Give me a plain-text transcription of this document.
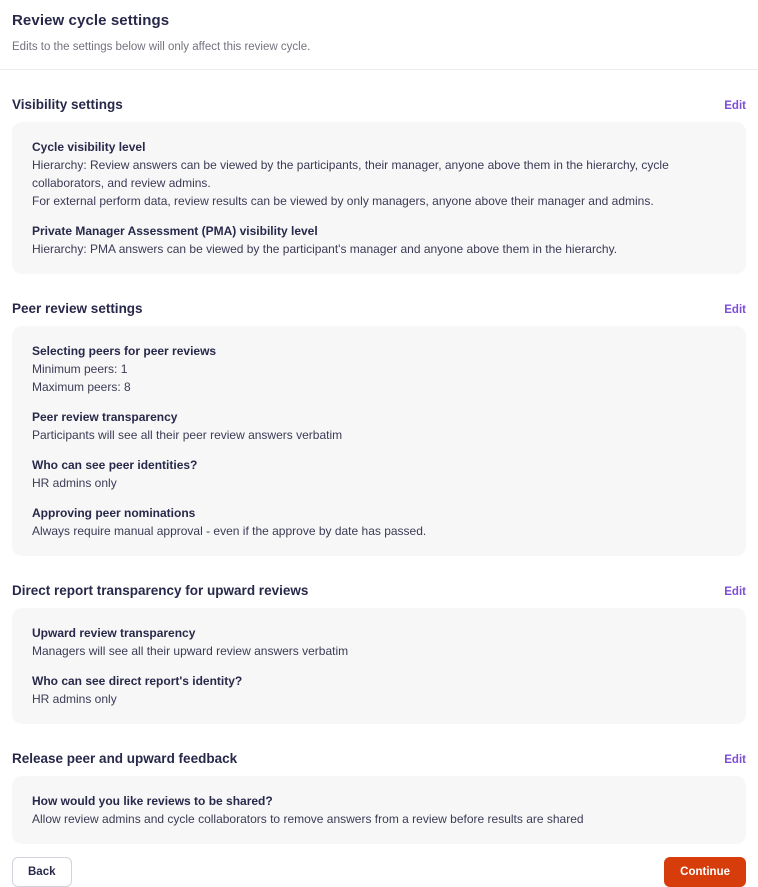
Review cycle settings
Edits to the settings below will only affect this review cycle.
Visibility settings	Edit
Cycle visibility level
Hierarchy: Review answers can be viewed by the participants, their manager, anyone above them in the hierarchy, cycle collaborators, and review admins.
For external perform data, review results can be viewed by only managers, anyone above their manager and admins.
Private Manager Assessment (PMA) visibility level
Hierarchy: PMA answers can be viewed by the participant's manager and anyone above them in the hierarchy.
Peer review settings	Edit
Selecting peers for peer reviews
Minimum peers: 1
Maximum peers: 8
Peer review transparency
Participants will see all their peer review answers verbatim
Who can see peer identities?
HR admins only
Approving peer nominations
Always require manual approval - even if the approve by date has passed.
Direct report transparency for upward reviews	Edit
Upward review transparency
Managers will see all their upward review answers verbatim
Who can see direct report's identity?
HR admins only
Release peer and upward feedback	Edit
How would you like reviews to be shared?
Allow review admins and cycle collaborators to remove answers from a review before results are shared
Back	Continue
